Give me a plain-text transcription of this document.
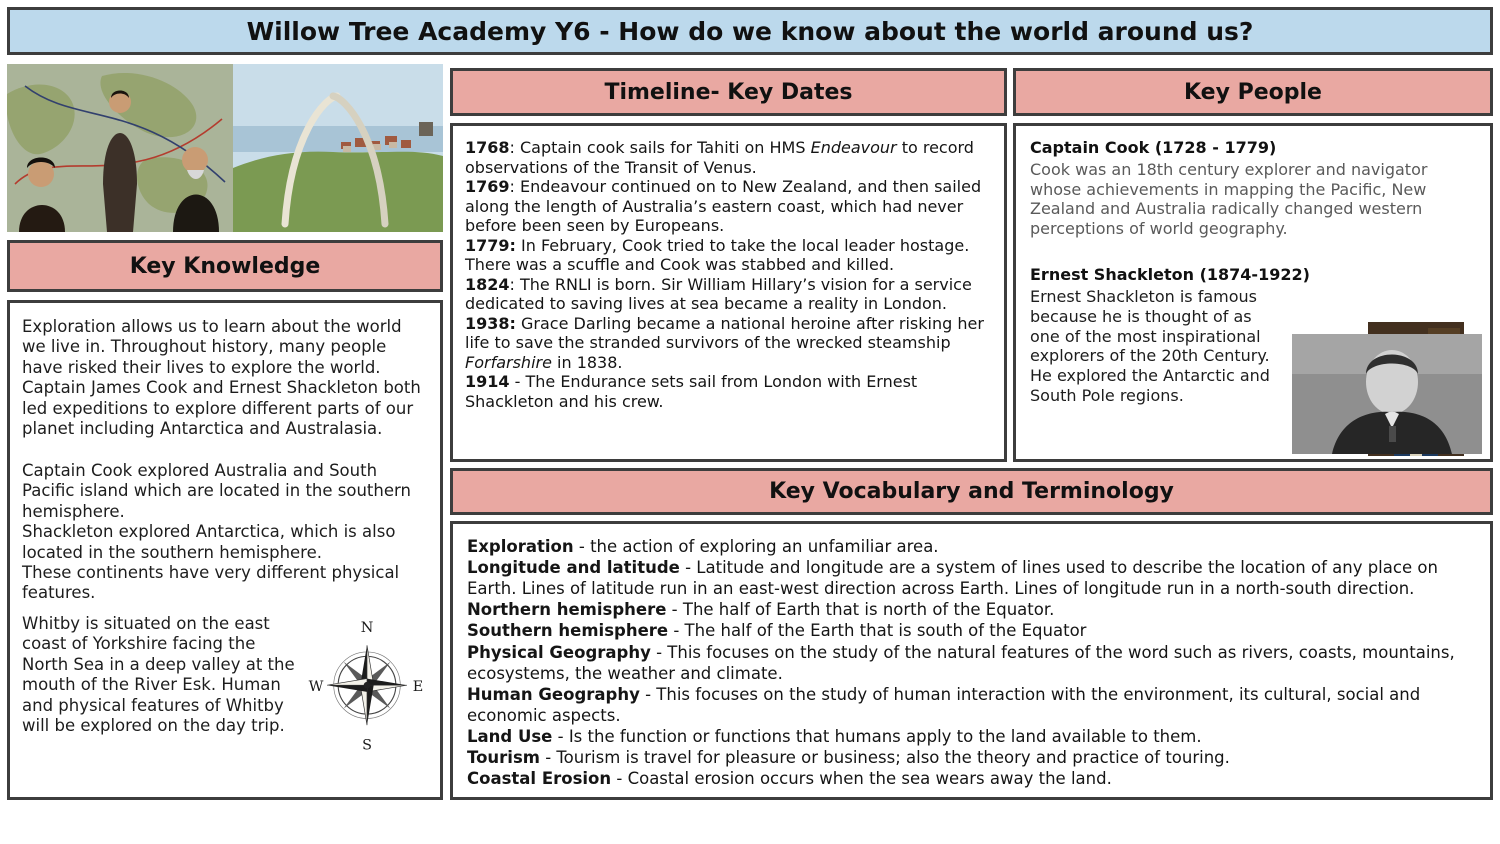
Willow Tree Academy Y6 - How do we know about the world around us?
Key Knowledge

Exploration allows us to learn about the world we live in. Throughout history, many people have risked their lives to explore the world. Captain James Cook and Ernest Shackleton both led expeditions to explore different parts of our planet including Antarctica and Australasia.

Captain Cook explored Australia and South Pacific island which are located in the southern hemisphere.

Shackleton explored Antarctica, which is also located in the southern hemisphere.

These continents have very different physical features.

N
E
S
W
Whitby is situated on the east coast of Yorkshire facing the North Sea in a deep valley at the mouth of the River Esk. Human and physical features of Whitby will be explored on the day trip.
Timeline- Key Dates
1768: Captain cook sails for Tahiti on HMS Endeavour to record observations of the Transit of Venus.
1769: Endeavour continued on to New Zealand, and then sailed along the length of Australia’s eastern coast, which had never before been seen by Europeans.
1779: In February, Cook tried to take the local leader hostage. There was a scuffle and Cook was stabbed and killed.
1824: The RNLI is born. Sir William Hillary’s vision for a service dedicated to saving lives at sea became a reality in London.
1938: Grace Darling became a national heroine after risking her life to save the stranded survivors of the wrecked steamship Forfarshire in 1838.
1914 - The Endurance sets sail from London with Ernest Shackleton and his crew.
Key People
Captain Cook (1728 - 1779)

Cook was an 18th century explorer and navigator whose achievements in mapping the Pacific, New Zealand and Australia radically changed western perceptions of world geography.

Ernest Shackleton (1874-1922)

Ernest Shackleton is famous because he is thought of as one of the most inspirational explorers of the 20th Century. He explored the Antarctic and South Pole regions.

Key Vocabulary and Terminology
Exploration - the action of exploring an unfamiliar area.
Longitude and latitude - Latitude and longitude are a system of lines used to describe the location of any place on Earth. Lines of latitude run in an east-west direction across Earth. Lines of longitude run in a north-south direction.
Northern hemisphere - The half of Earth that is north of the Equator.
Southern hemisphere - The half of the Earth that is south of the Equator
Physical Geography - This focuses on the study of the natural features of the word such as rivers, coasts, mountains, ecosystems, the weather and climate.
Human Geography - This focuses on the study of human interaction with the environment, its cultural, social and economic aspects.
Land Use - Is the function or functions that humans apply to the land available to them.
Tourism - Tourism is travel for pleasure or business; also the theory and practice of touring.
Coastal Erosion - Coastal erosion occurs when the sea wears away the land.
